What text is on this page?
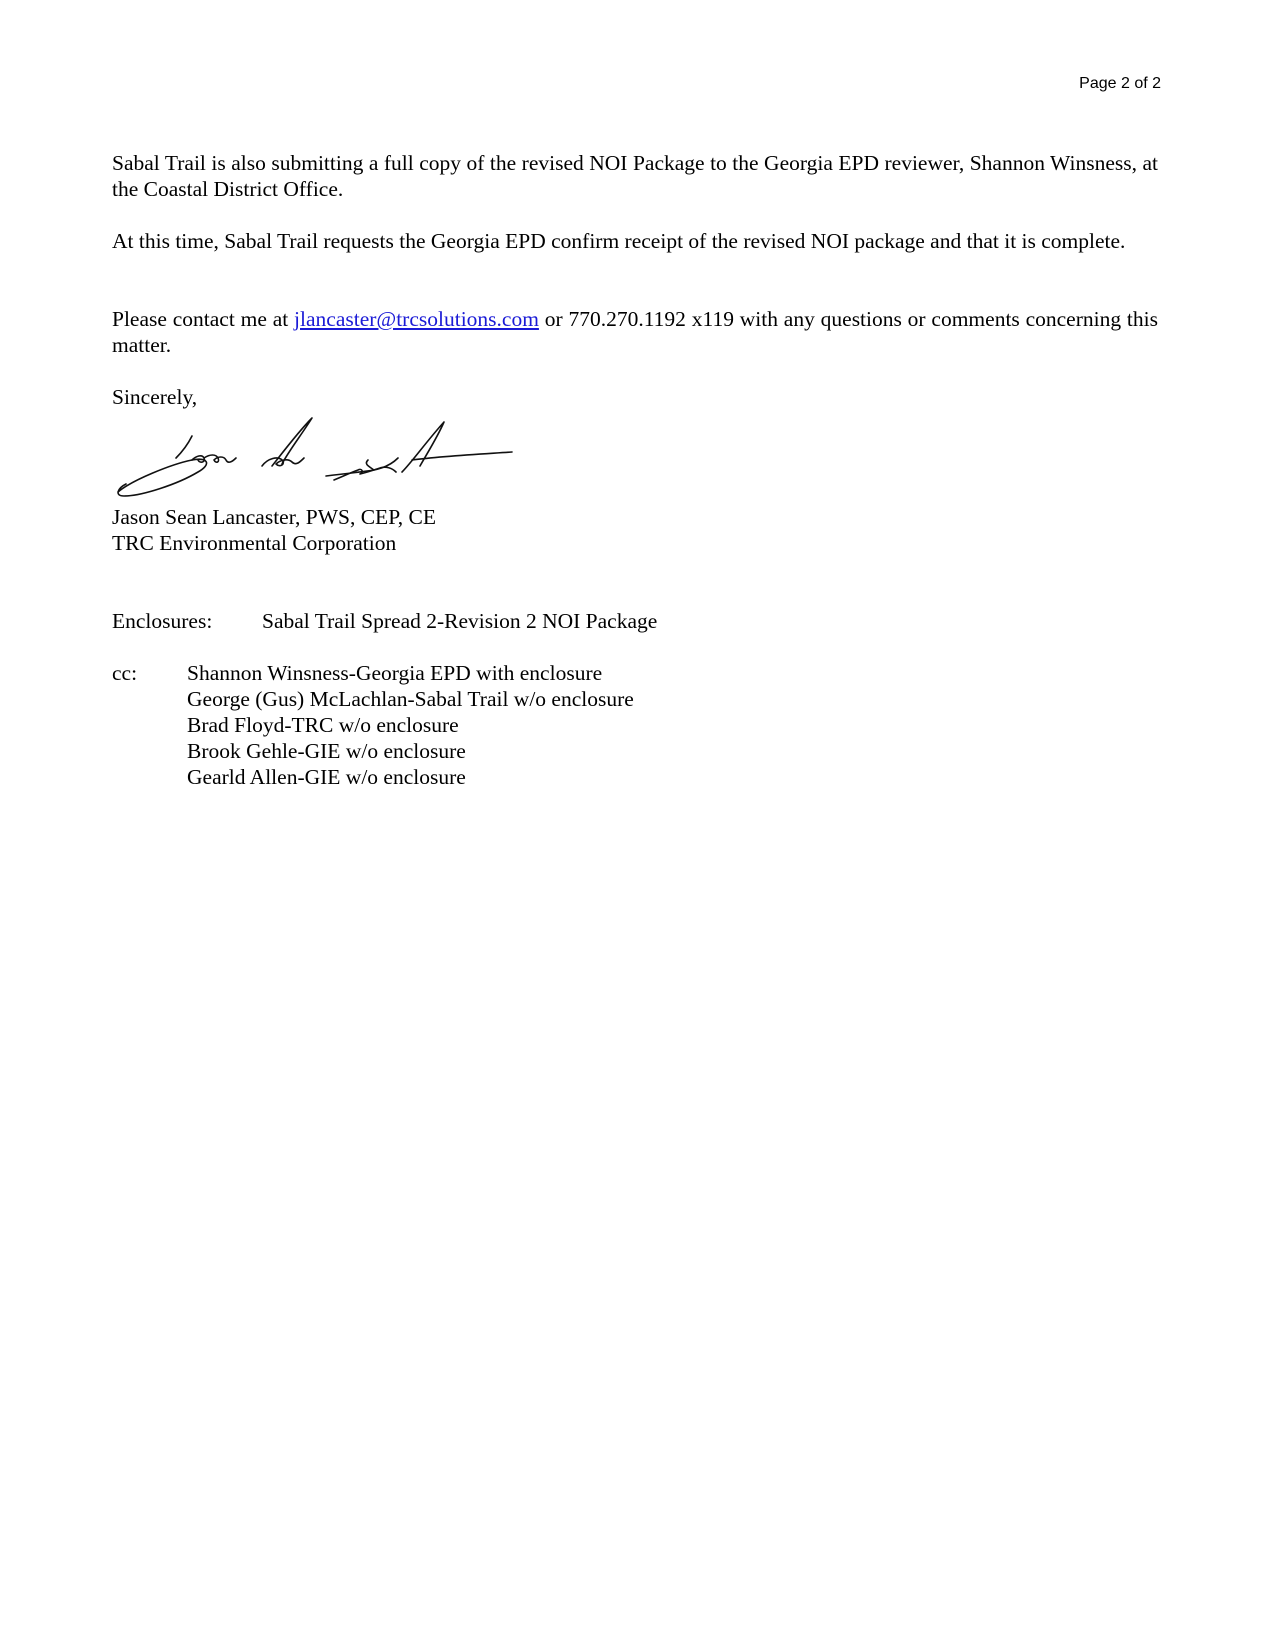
Page 2 of 2

Sabal Trail is also submitting a full copy of the revised NOI Package to the Georgia EPD reviewer, Shannon Winsness, at the Coastal District Office.

At this time, Sabal Trail requests the Georgia EPD confirm receipt of the revised NOI package and that it is complete.

Please contact me at jlancaster@trcsolutions.com or 770.270.1192 x119 with any questions or comments concerning this matter.

Sincerely,

Jason Sean Lancaster, PWS, CEP, CE

TRC Environmental Corporation

Enclosures: Sabal Trail Spread 2-Revision 2 NOI Package
cc: Shannon Winsness-Georgia EPD with enclosure
George (Gus) McLachlan-Sabal Trail w/o enclosure
Brad Floyd-TRC w/o enclosure
Brook Gehle-GIE w/o enclosure
Gearld Allen-GIE w/o enclosure
